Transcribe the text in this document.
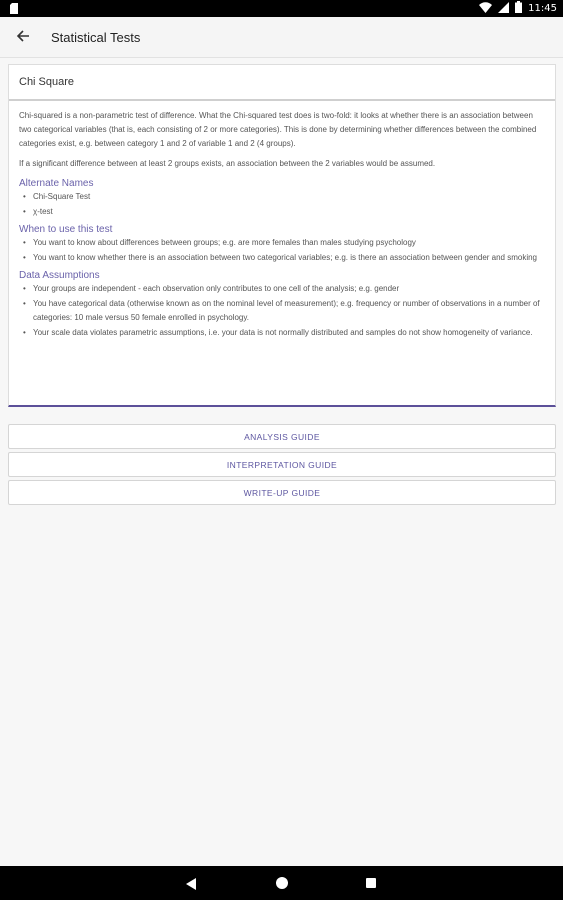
11:45
Statistical Tests
Chi Square

Chi-squared is a non-parametric test of difference. What the Chi-squared test does is two-fold: it looks at whether there is an association between two categorical variables (that is, each consisting of 2 or more categories). This is done by determining whether differences between the combined categories exist, e.g. between category 1 and 2 of variable 1 and 2 (4 groups).

If a significant difference between at least 2 groups exists, an association between the 2 variables would be assumed.

Alternate Names
• Chi-Square Test
• χ-test
When to use this test
• You want to know about differences between groups; e.g. are more females than males studying psychology
• You want to know whether there is an association between two categorical variables; e.g. is there an association between gender and smoking
Data Assumptions
• Your groups are independent - each observation only contributes to one cell of the analysis; e.g. gender
• You have categorical data (otherwise known as on the nominal level of measurement); e.g. frequency or number of observations in a number of categories: 10 male versus 50 female enrolled in psychology.
• Your scale data violates parametric assumptions, i.e. your data is not normally distributed and samples do not show homogeneity of variance.
ANALYSIS GUIDE
INTERPRETATION GUIDE
WRITE-UP GUIDE
